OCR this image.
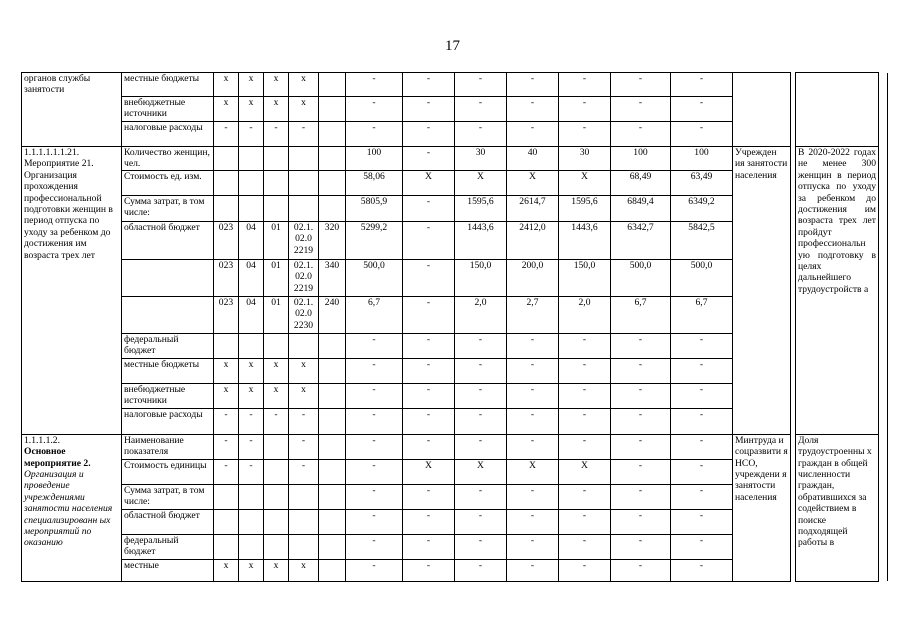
17
органов службы занятости	местные бюджеты	х	х	х	х		-	-	-	-	-	-	-				
	внебюджетные источники	х	х	х	х		-	-	-	-	-	-	-				
	налоговые расходы	-	-	-	-		-	-	-	-	-	-	-				
1.1.1.1.1.1.21. Мероприятие 21. Организация прохождения профессиональной подготовки женщин в период отпуска по уходу за ребенком до достижения им возраста трех лет	Количество женщин, чел.						100	-	30	40	30	100	100	Учрежден ия занятости населения		В 2020-2022 годах не менее 300 женщин в период отпуска по уходу за ребенком до достижения им возраста трех лет пройдут профессиональн ую подготовку в целях дальнейшего трудоустройств а	
	Стоимость ед. изм.						58,06	Х	Х	Х	Х	68,49	63,49				
	Сумма затрат, в том числе:						5805,9	-	1595,6	2614,7	1595,6	6849,4	6349,2				
	областной бюджет	023	04	01	02.1. 02.0 2219	320	5299,2	-	1443,6	2412,0	1443,6	6342,7	5842,5				
		023	04	01	02.1. 02.0 2219	340	500,0	-	150,0	200,0	150,0	500,0	500,0				
		023	04	01	02.1. 02.0 2230	240	6,7	-	2,0	2,7	2,0	6,7	6,7				
	федеральный бюджет						-	-	-	-	-	-	-				
	местные бюджеты	х	х	х	х		-	-	-	-	-	-	-				
	внебюджетные источники	х	х	х	х		-	-	-	-	-	-	-				
	налоговые расходы	-	-	-	-		-	-	-	-	-	-	-				

1.1.1.1.2.
Основное мероприятие 2.
Организация и проведение учреждениями занятости населения специализированн ых мероприятий по оказанию	Наименование показателя	-	-		-		-	-	-	-	-	-	-	Минтруда и соцразвити я НСО, учреждени я занятости населения		Доля трудоустроенны х граждан в общей численности граждан, обратившихся за содействием в поиске подходящей работы в	
	Стоимость единицы	-	-		-		-	Х	Х	Х	Х	-	-				
	Сумма затрат, в том числе:						-	-	-	-	-	-	-				
	областной бюджет						-	-	-	-	-	-	-				
	федеральный бюджет						-	-	-	-	-	-	-				
	местные	х	х	х	х		-	-	-	-	-	-	-				
